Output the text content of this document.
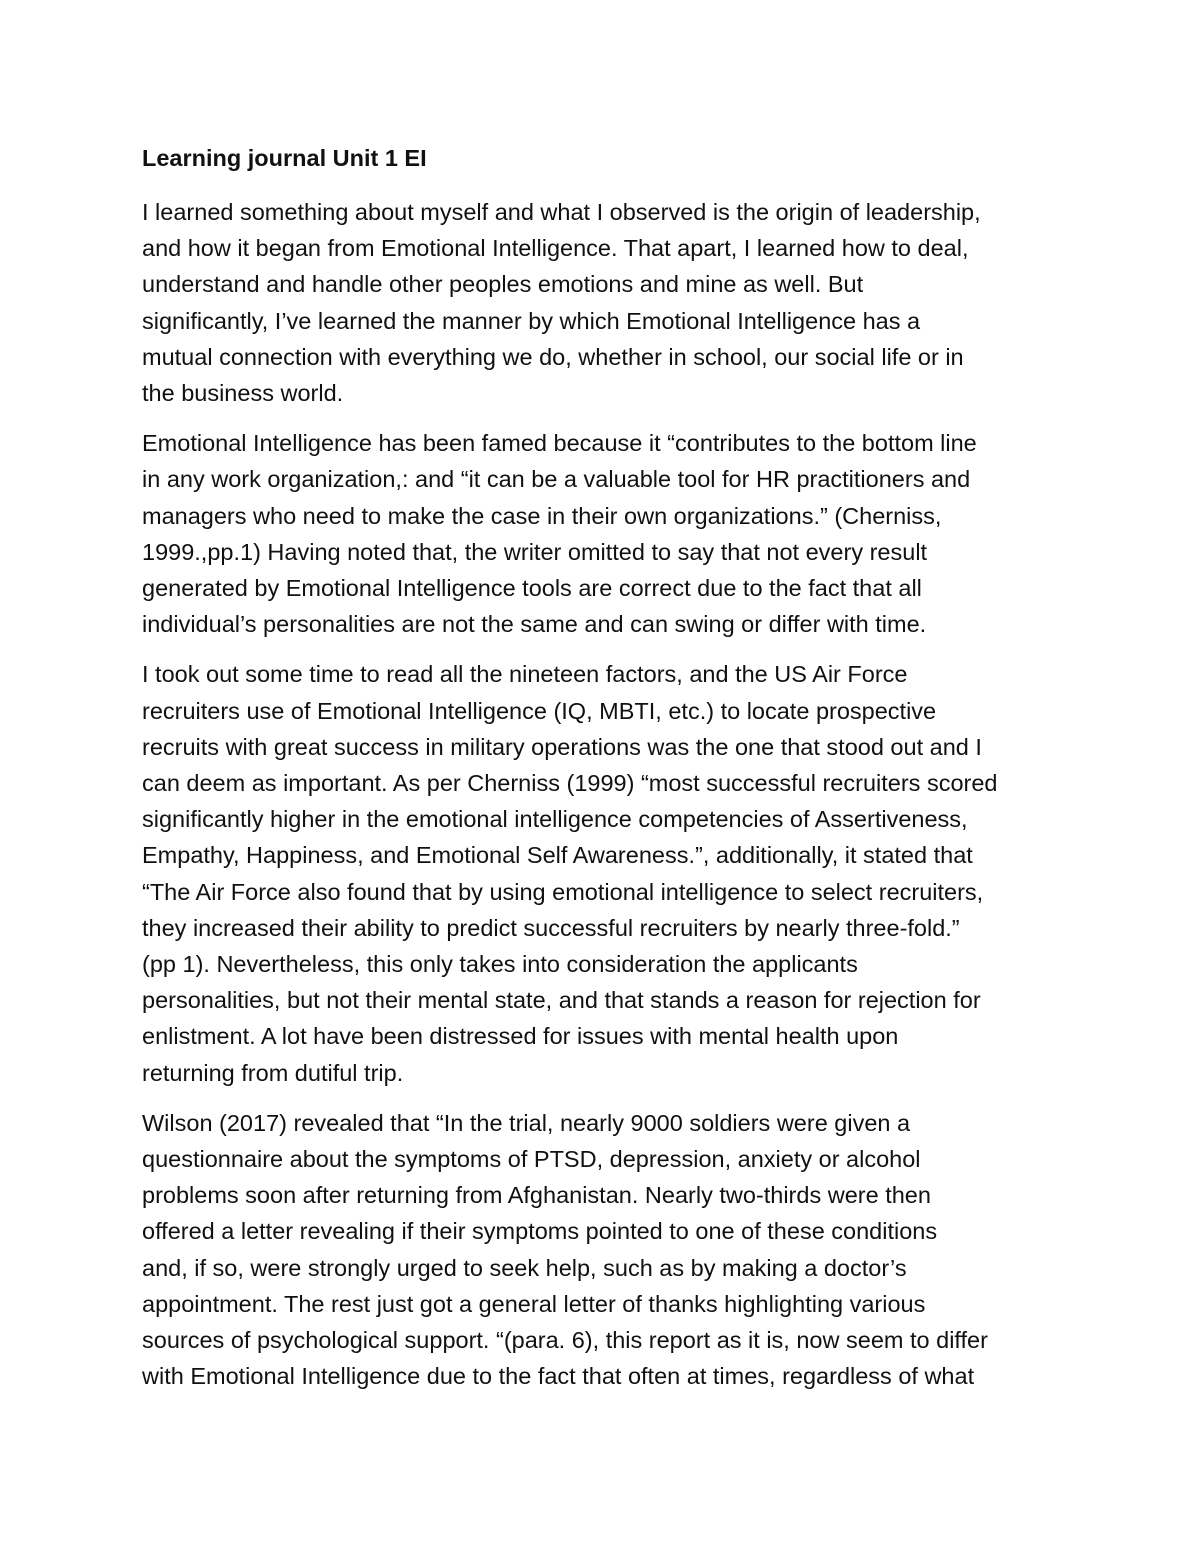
Learning journal Unit 1 EI
I learned something about myself and what I observed is the origin of leadership,
and how it began from Emotional Intelligence. That apart, I learned how to deal,
understand and handle other peoples emotions and mine as well. But
significantly, I’ve learned the manner by which Emotional Intelligence has a
mutual connection with everything we do, whether in school, our social life or in
the business world.
Emotional Intelligence has been famed because it “contributes to the bottom line
in any work organization,: and “it can be a valuable tool for HR practitioners and
managers who need to make the case in their own organizations.” (Cherniss,
1999.,pp.1) Having noted that, the writer omitted to say that not every result
generated by Emotional Intelligence tools are correct due to the fact that all
individual’s personalities are not the same and can swing or differ with time.
I took out some time to read all the nineteen factors, and the US Air Force
recruiters use of Emotional Intelligence (IQ, MBTI, etc.) to locate prospective
recruits with great success in military operations was the one that stood out and I
can deem as important. As per Cherniss (1999) “most successful recruiters scored
significantly higher in the emotional intelligence competencies of Assertiveness,
Empathy, Happiness, and Emotional Self Awareness.”, additionally, it stated that
“The Air Force also found that by using emotional intelligence to select recruiters,
they increased their ability to predict successful recruiters by nearly three-fold.”
(pp 1). Nevertheless, this only takes into consideration the applicants
personalities, but not their mental state, and that stands a reason for rejection for
enlistment. A lot have been distressed for issues with mental health upon
returning from dutiful trip.
Wilson (2017) revealed that “In the trial, nearly 9000 soldiers were given a
questionnaire about the symptoms of PTSD, depression, anxiety or alcohol
problems soon after returning from Afghanistan. Nearly two-thirds were then
offered a letter revealing if their symptoms pointed to one of these conditions
and, if so, were strongly urged to seek help, such as by making a doctor’s
appointment. The rest just got a general letter of thanks highlighting various
sources of psychological support. “(para. 6), this report as it is, now seem to differ
with Emotional Intelligence due to the fact that often at times, regardless of what
